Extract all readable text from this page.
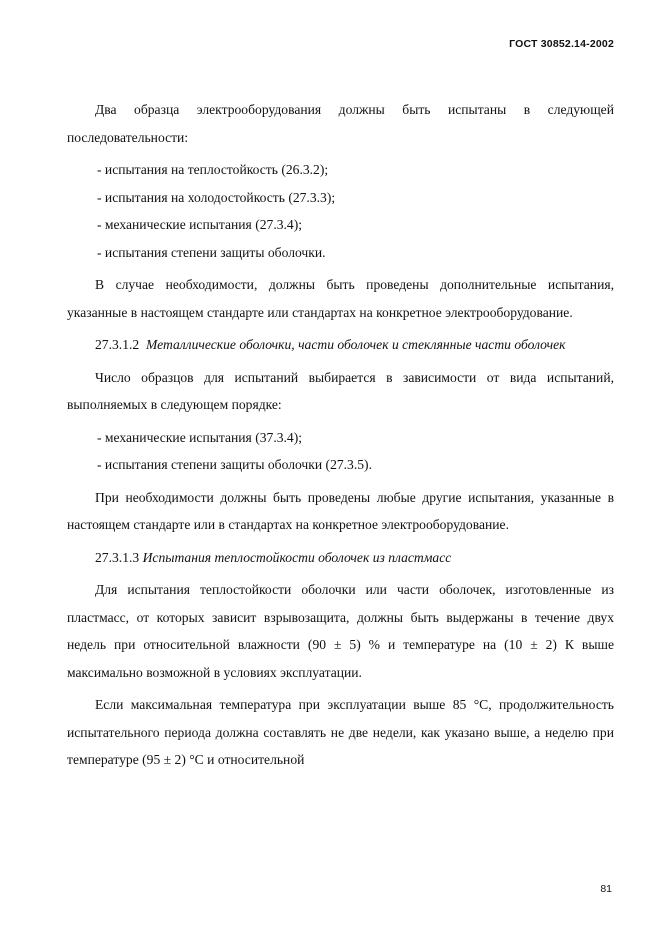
ГОСТ 30852.14-2002

Два образца электрооборудования должны быть испытаны в следующей последовательности:

- испытания на теплостойкость (26.3.2);

- испытания на холодостойкость (27.3.3);

- механические испытания (27.3.4);

- испытания степени защиты оболочки.

В случае необходимости, должны быть проведены дополнительные испытания, указанные в настоящем стандарте или стандартах на конкретное электрооборудование.

27.3.1.2 Металлические оболочки, части оболочек и стеклянные части оболочек

Число образцов для испытаний выбирается в зависимости от вида испытаний, выполняемых в следующем порядке:

- механические испытания (37.3.4);

- испытания степени защиты оболочки (27.3.5).

При необходимости должны быть проведены любые другие испытания, указанные в настоящем стандарте или в стандартах на конкретное электрооборудование.

27.3.1.3 Испытания теплостойкости оболочек из пластмасс

Для испытания теплостойкости оболочки или части оболочек, изготовленные из пластмасс, от которых зависит взрывозащита, должны быть выдержаны в течение двух недель при относительной влажности (90 ± 5) % и температуре на (10 ± 2) К выше максимально возможной в условиях эксплуатации.

Если максимальная температура при эксплуатации выше 85 °С, продолжительность испытательного периода должна составлять не две недели, как указано выше, а неделю при температуре (95 ± 2) °С и относительной

81
